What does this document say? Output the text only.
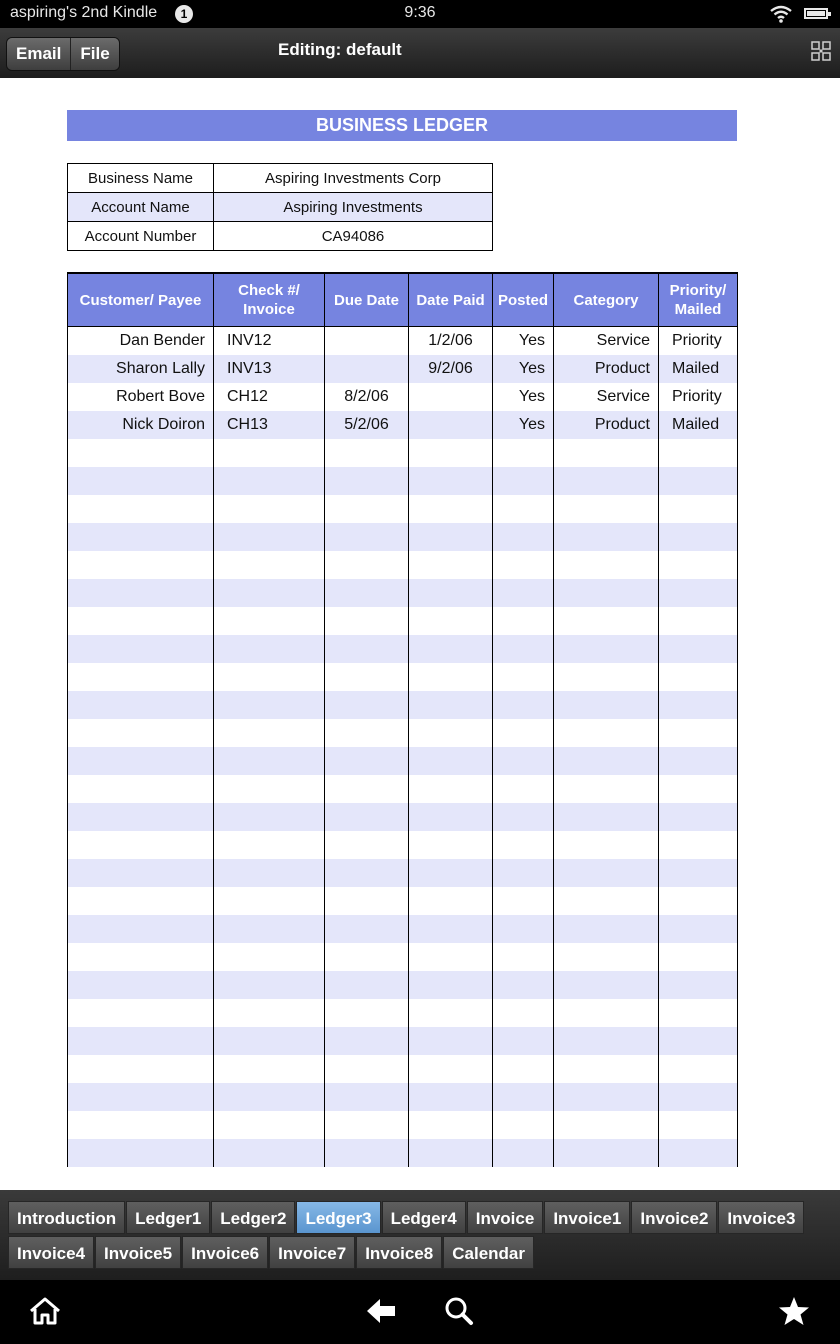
aspiring's 2nd Kindle	1	9:36
Email	File	Editing: default
BUSINESS LEDGER
Business Name	Aspiring Investments Corp
Account Name	Aspiring Investments
Account Number	CA94086
Customer/ Payee	Check #/ Invoice	Due Date	Date Paid	Posted	Category	Priority/ Mailed
Dan Bender	INV12		1/2/06	Yes	Service	Priority
Sharon Lally	INV13		9/2/06	Yes	Product	Mailed
Robert Bove	CH12	8/2/06		Yes	Service	Priority
Nick Doiron	CH13	5/2/06		Yes	Product	Mailed

Introduction	Ledger1	Ledger2	Ledger3	Ledger4	Invoice	Invoice1	Invoice2	Invoice3
Invoice4	Invoice5	Invoice6	Invoice7	Invoice8	Calendar
